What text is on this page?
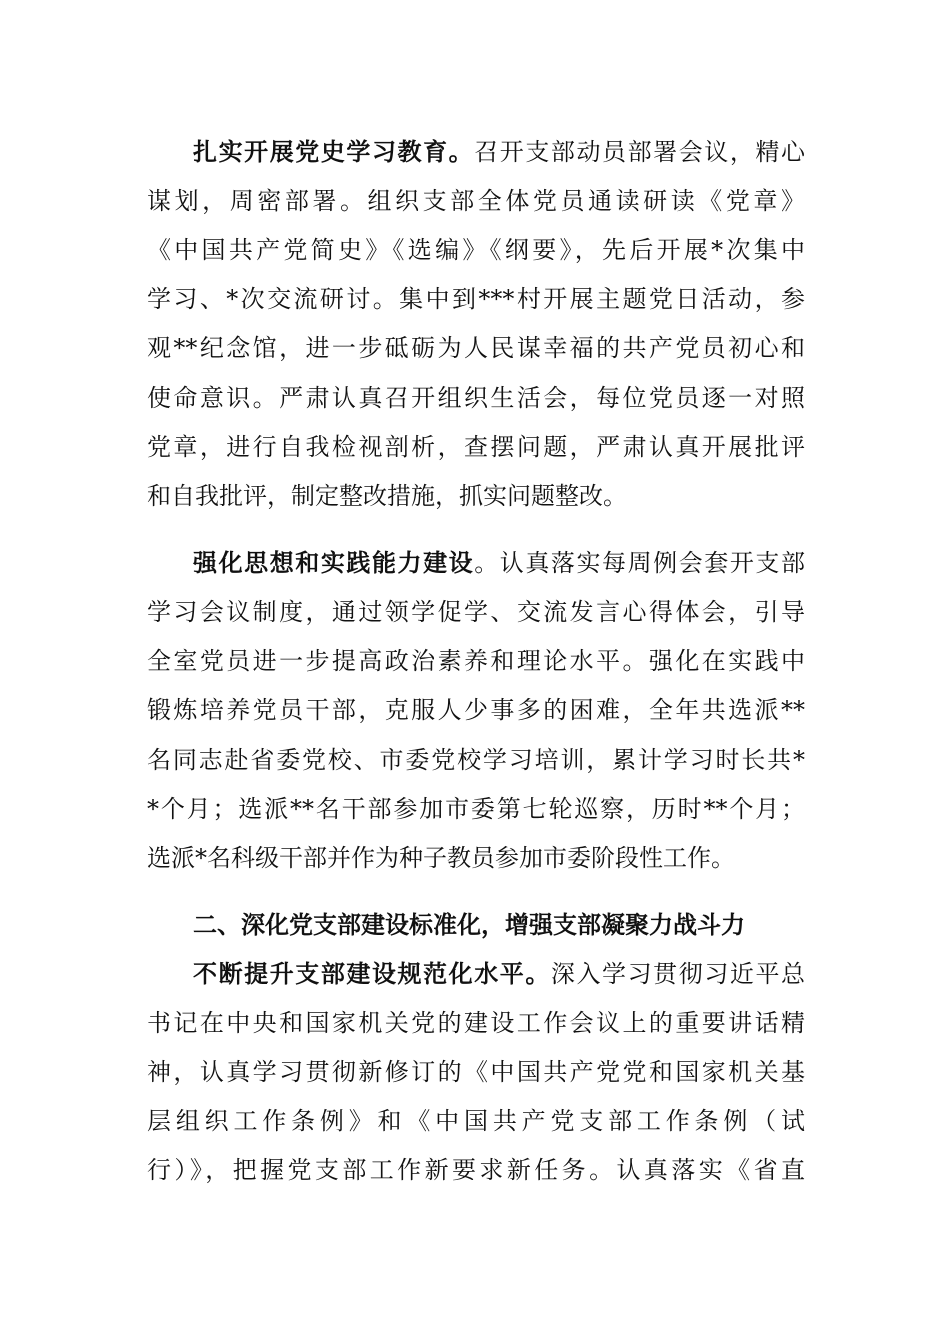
扎实开展党史学习教育。召开支部动员部署会议，精心
谋划，周密部署。组织支部全体党员通读研读《党章》
《中国共产党简史》《选编》《纲要》，先后开展*次集中
学习、*次交流研讨。集中到***村开展主题党日活动，参
观**纪念馆，进一步砥砺为人民谋幸福的共产党员初心和
使命意识。严肃认真召开组织生活会，每位党员逐一对照
党章，进行自我检视剖析，查摆问题，严肃认真开展批评
和自我批评，制定整改措施，抓实问题整改。
强化思想和实践能力建设。认真落实每周例会套开支部
学习会议制度，通过领学促学、交流发言心得体会，引导
全室党员进一步提高政治素养和理论水平。强化在实践中
锻炼培养党员干部，克服人少事多的困难，全年共选派**
名同志赴省委党校、市委党校学习培训，累计学习时长共*
*个月；选派**名干部参加市委第七轮巡察，历时**个月；
选派*名科级干部并作为种子教员参加市委阶段性工作。
二、深化党支部建设标准化，增强支部凝聚力战斗力
不断提升支部建设规范化水平。深入学习贯彻习近平总
书记在中央和国家机关党的建设工作会议上的重要讲话精
神，认真学习贯彻新修订的《中国共产党党和国家机关基
层组织工作条例》和《中国共产党支部工作条例（试
行）》，把握党支部工作新要求新任务。认真落实《省直
